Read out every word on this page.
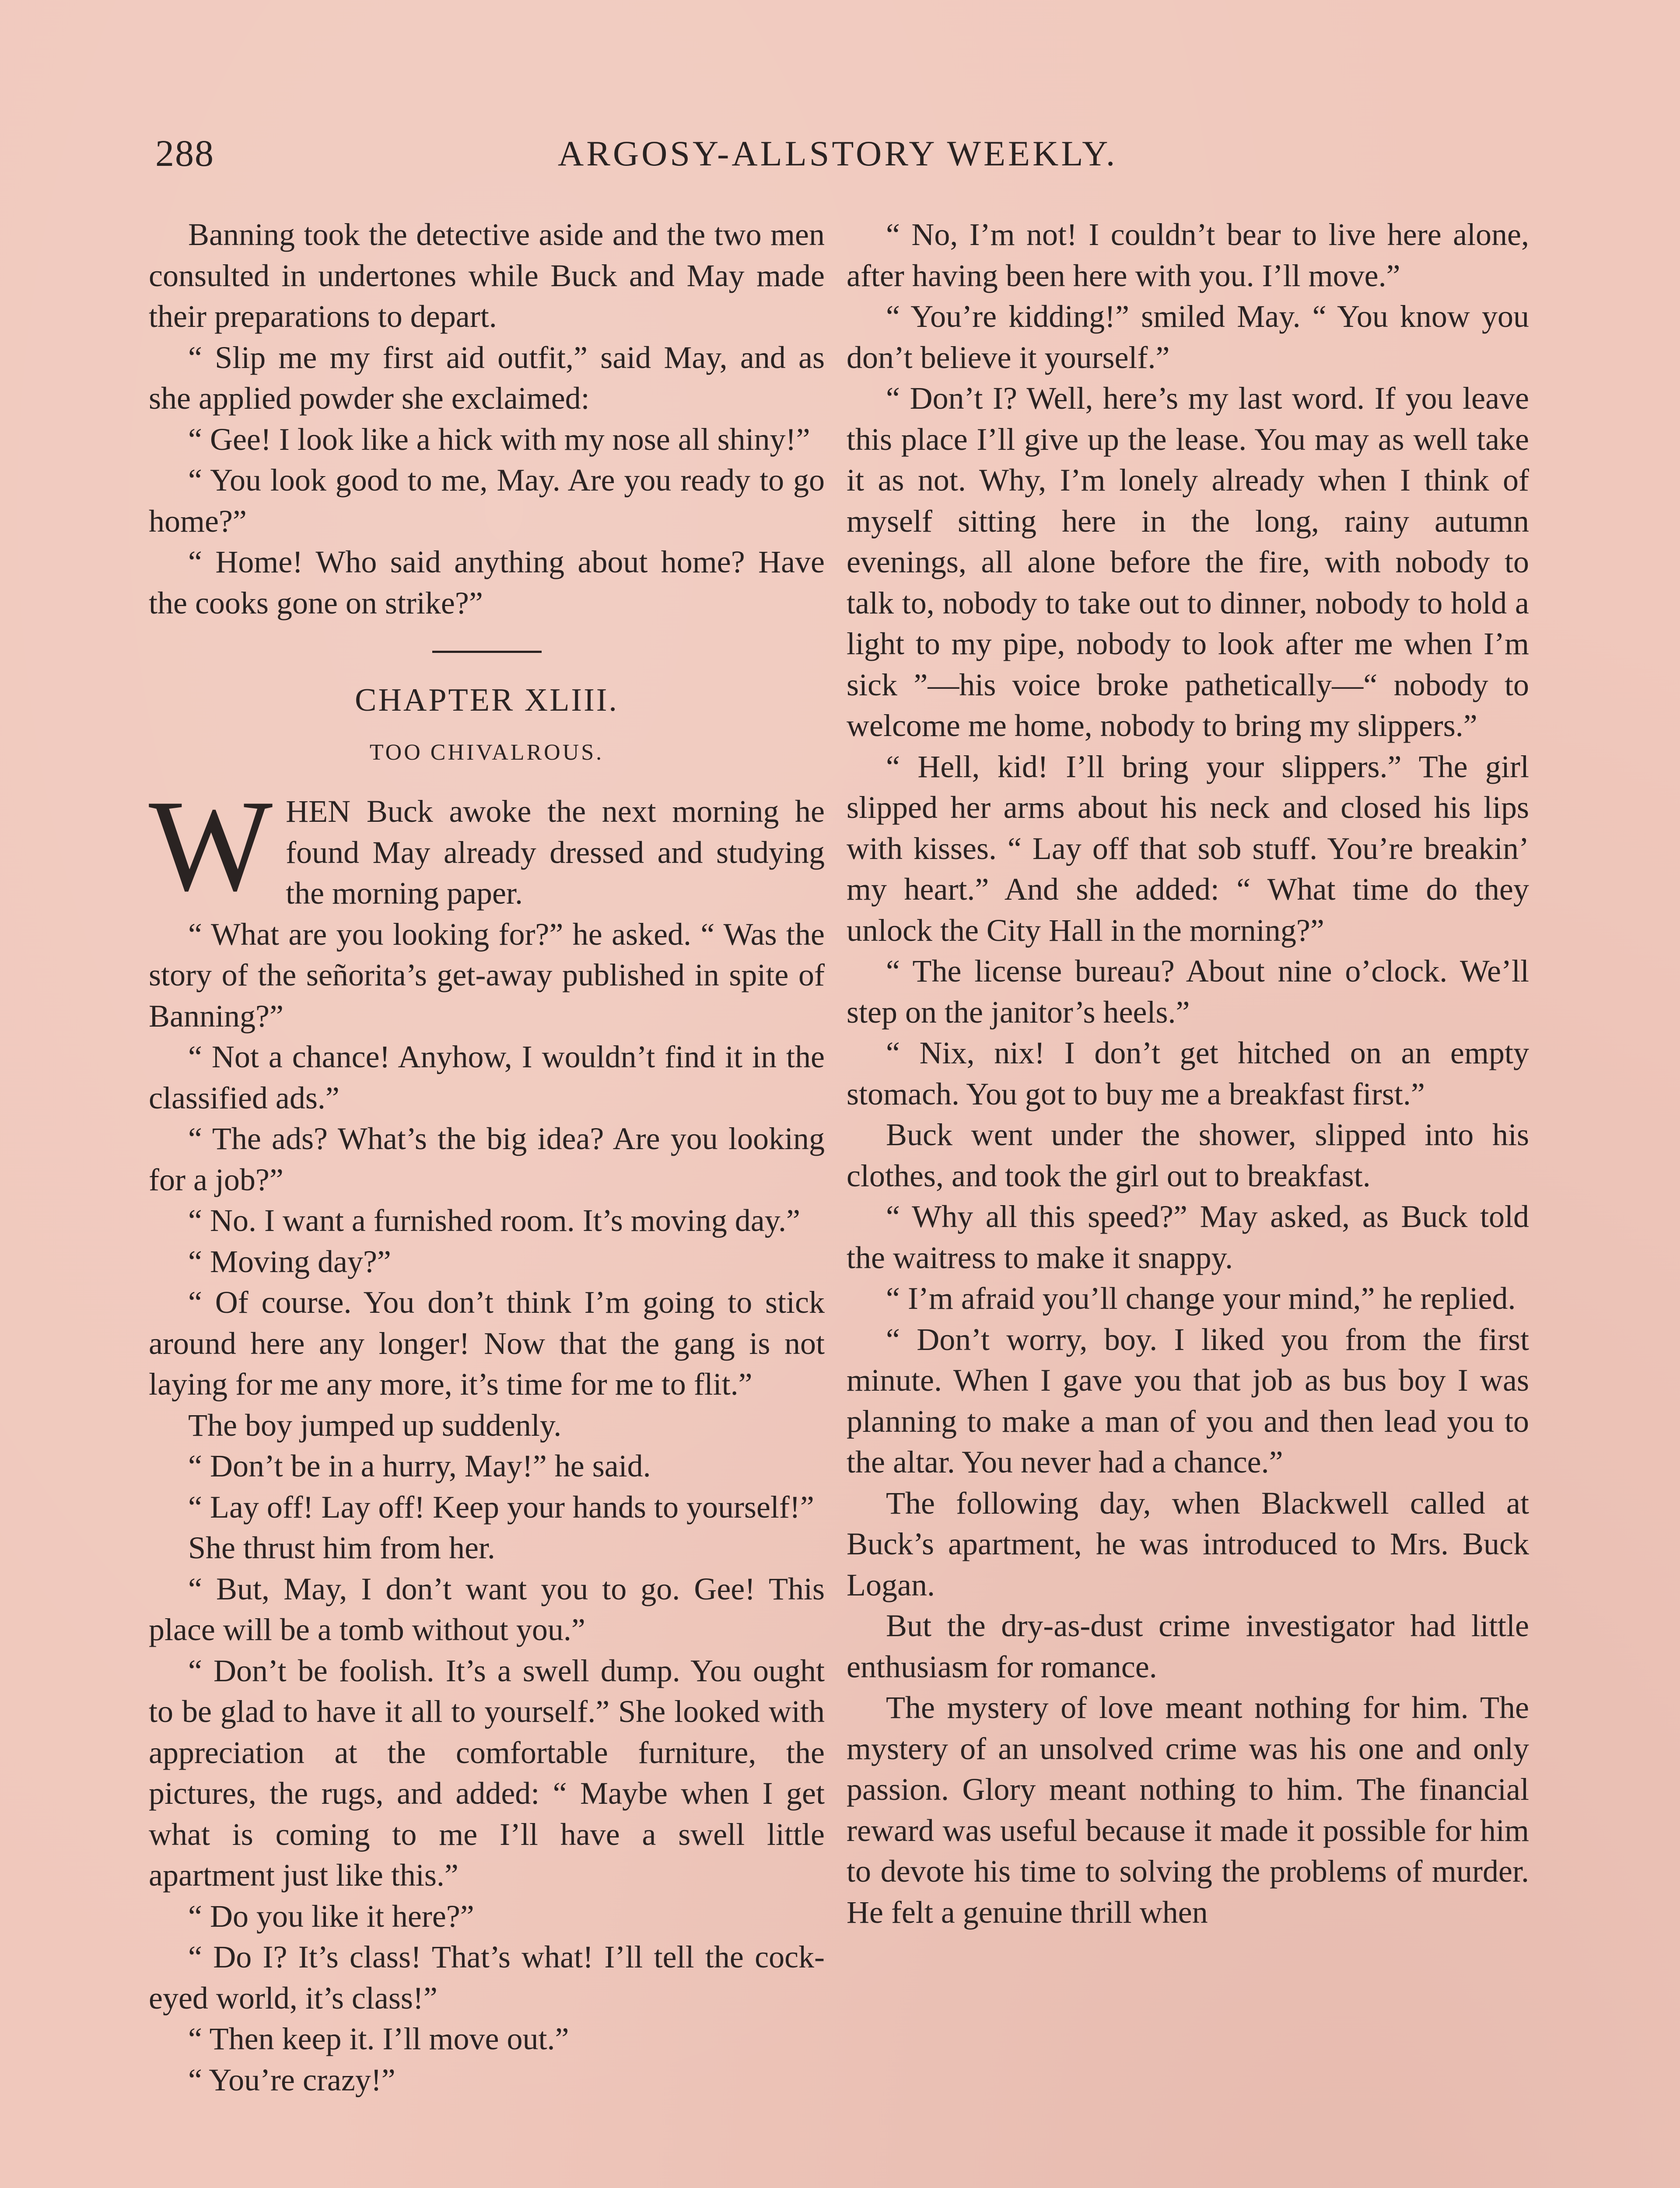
288	ARGOSY-ALLSTORY WEEKLY.

Banning took the detective aside and the two men consulted in undertones while Buck and May made their preparations to depart.

“ Slip me my first aid outfit,” said May, and as she applied powder she exclaimed:

“ Gee! I look like a hick with my nose all shiny!”

“ You look good to me, May. Are you ready to go home?”

“ Home! Who said anything about home? Have the cooks gone on strike?”

CHAPTER XLIII.
TOO CHIVALROUS.

WHEN Buck awoke the next morning he found May already dressed and studying the morning paper.

“ What are you looking for?” he asked. “ Was the story of the señorita’s get-away published in spite of Banning?”

“ Not a chance! Anyhow, I wouldn’t find it in the classified ads.”

“ The ads? What’s the big idea? Are you looking for a job?”

“ No. I want a furnished room. It’s moving day.”

“ Moving day?”

“ Of course. You don’t think I’m going to stick around here any longer! Now that the gang is not laying for me any more, it’s time for me to flit.”

The boy jumped up suddenly.

“ Don’t be in a hurry, May!” he said.

“ Lay off! Lay off! Keep your hands to yourself!”

She thrust him from her.

“ But, May, I don’t want you to go. Gee! This place will be a tomb without you.”

“ Don’t be foolish. It’s a swell dump. You ought to be glad to have it all to yourself.” She looked with appreciation at the comfortable furniture, the pictures, the rugs, and added: “ Maybe when I get what is coming to me I’ll have a swell little apartment just like this.”

“ Do you like it here?”

“ Do I? It’s class! That’s what! I’ll tell the cock-eyed world, it’s class!”

“ Then keep it. I’ll move out.”

“ You’re crazy!”

“ No, I’m not! I couldn’t bear to live here alone, after having been here with you. I’ll move.”

“ You’re kidding!” smiled May. “ You know you don’t believe it yourself.”

“ Don’t I? Well, here’s my last word. If you leave this place I’ll give up the lease. You may as well take it as not. Why, I’m lonely already when I think of myself sitting here in the long, rainy autumn evenings, all alone before the fire, with nobody to talk to, nobody to take out to dinner, nobody to hold a light to my pipe, nobody to look after me when I’m sick ”—his voice broke pathetically—“ nobody to welcome me home, nobody to bring my slippers.”

“ Hell, kid! I’ll bring your slippers.” The girl slipped her arms about his neck and closed his lips with kisses. “ Lay off that sob stuff. You’re breakin’ my heart.” And she added: “ What time do they unlock the City Hall in the morning?”

“ The license bureau? About nine o’clock. We’ll step on the janitor’s heels.”

“ Nix, nix! I don’t get hitched on an empty stomach. You got to buy me a breakfast first.”

Buck went under the shower, slipped into his clothes, and took the girl out to breakfast.

“ Why all this speed?” May asked, as Buck told the waitress to make it snappy.

“ I’m afraid you’ll change your mind,” he replied.

“ Don’t worry, boy. I liked you from the first minute. When I gave you that job as bus boy I was planning to make a man of you and then lead you to the altar. You never had a chance.”

The following day, when Blackwell called at Buck’s apartment, he was introduced to Mrs. Buck Logan.

But the dry-as-dust crime investigator had little enthusiasm for romance.

The mystery of love meant nothing for him. The mystery of an unsolved crime was his one and only passion. Glory meant nothing to him. The financial reward was useful because it made it possible for him to devote his time to solving the problems of murder. He felt a genuine thrill when
